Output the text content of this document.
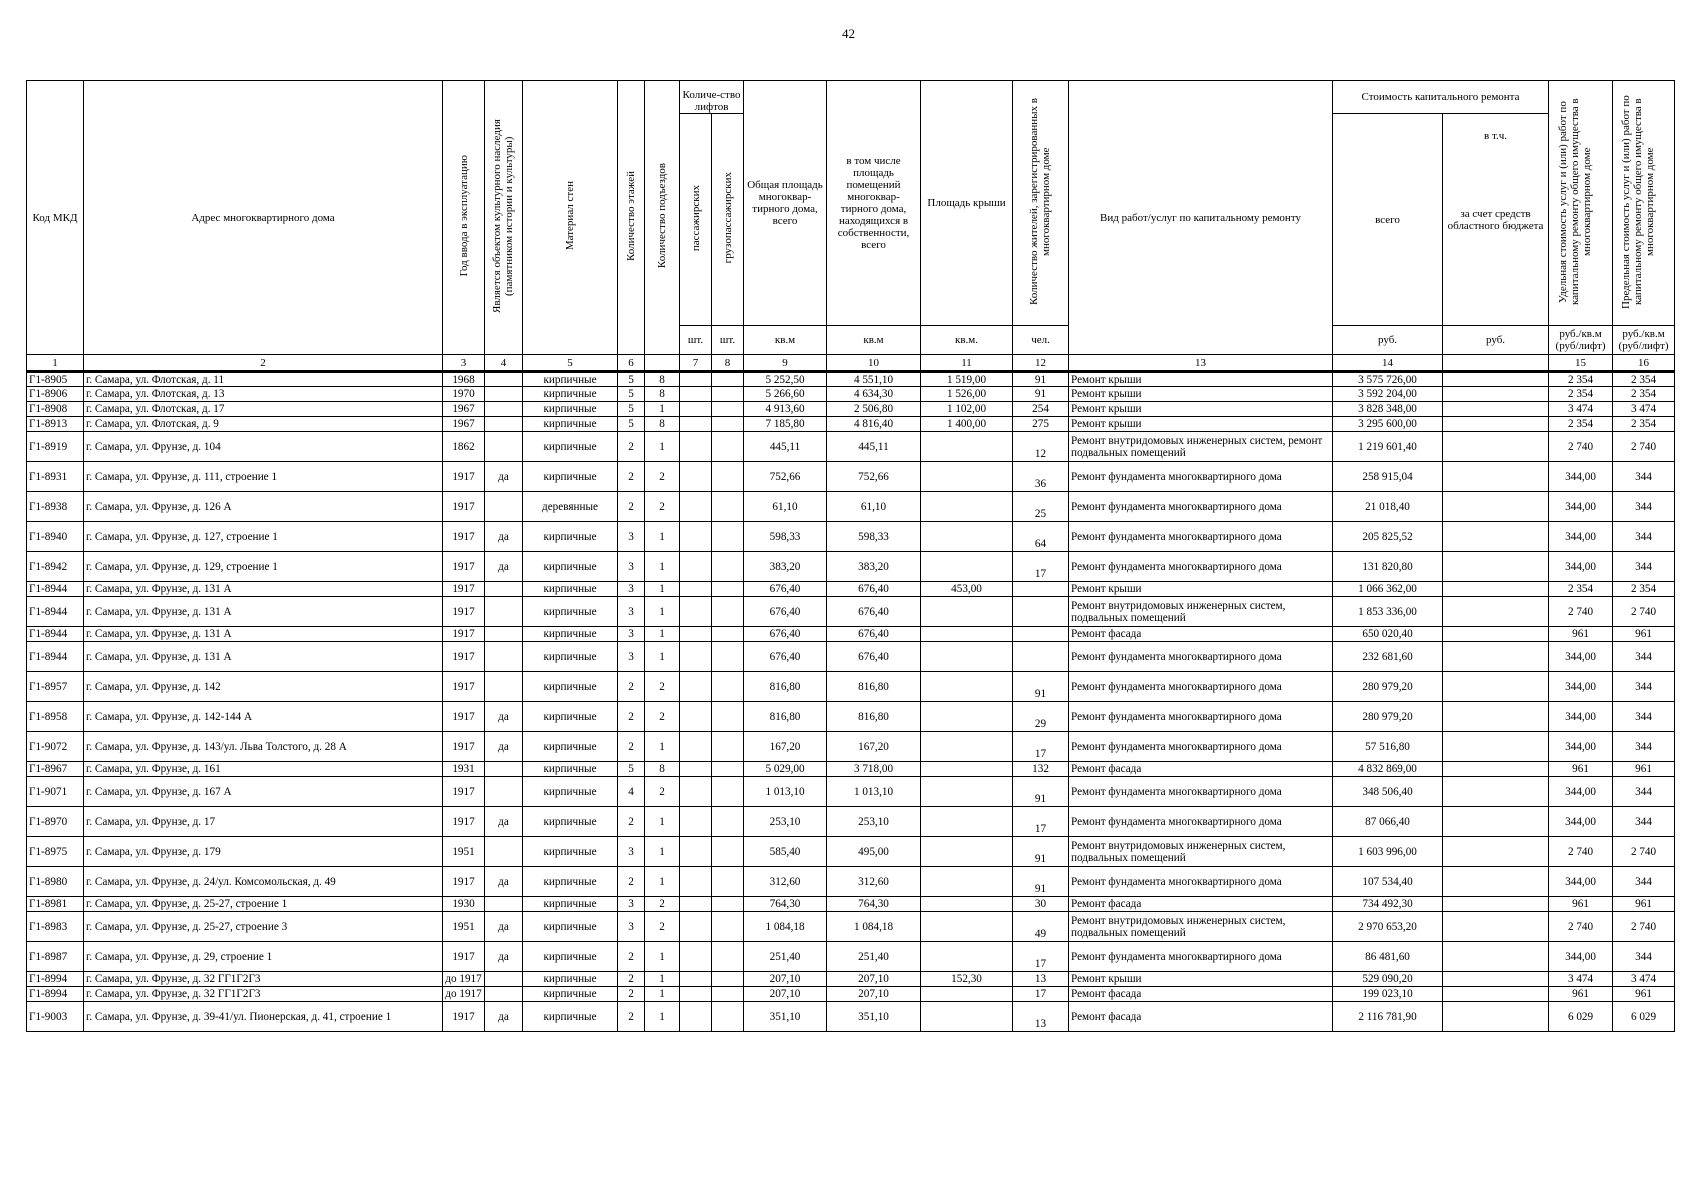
42
Код МКД	Адрес многоквартирного дома	Год ввода в эксплуатацию	Является объектом культурного наследия (памятником истории и культуры)	Материал стен	Количество этажей	Количество подъездов	Количе-ство лифтов		Общая площадь многоквар-тирного дома, всего	в том числе площадь помещений многоквар-тирного дома, находящихся в собственности, всего	Площадь крыши	Количество жителей, зарегистрированных в многоквартирном доме	Вид работ/услуг по капитальному ремонту	Стоимость капитального ремонта		Удельная стоимость услуг и (или) работ по капитальному ремонту общего имущества в многоквартирном доме	Предельная стоимость услуг и (или) работ по капитальному ремонту общего имущества в многоквартирном доме
							пассажирских	грузопассажирских						всего	в т.ч.
за счет средств областного бюджета		

							шт.	шт.	кв.м	кв.м	кв.м.	чел.		руб.	руб.	руб./кв.м (руб/лифт)	руб./кв.м (руб/лифт)
1	2	3	4	5	6		7	8	9	10	11	12	13	14		15	16
Г1-8905	г. Самара, ул. Флотская, д. 11	1968		кирпичные	5	8			5 252,50	4 551,10	1 519,00	91	Ремонт крыши	3 575 726,00		2 354	2 354
Г1-8906	г. Самара, ул. Флотская, д. 13	1970		кирпичные	5	8			5 266,60	4 634,30	1 526,00	91	Ремонт крыши	3 592 204,00		2 354	2 354
Г1-8908	г. Самара, ул. Флотская, д. 17	1967		кирпичные	5	1			4 913,60	2 506,80	1 102,00	254	Ремонт крыши	3 828 348,00		3 474	3 474
Г1-8913	г. Самара, ул. Флотская, д. 9	1967		кирпичные	5	8			7 185,80	4 816,40	1 400,00	275	Ремонт крыши	3 295 600,00		2 354	2 354
Г1-8919	г. Самара, ул. Фрунзе, д. 104	1862		кирпичные	2	1			445,11	445,11		12	Ремонт внутридомовых инженерных систем, ремонт подвальных помещений	1 219 601,40		2 740	2 740
Г1-8931	г. Самара, ул. Фрунзе, д. 111, строение 1	1917	да	кирпичные	2	2			752,66	752,66		36	Ремонт фундамента многоквартирного дома	258 915,04		344,00	344
Г1-8938	г. Самара, ул. Фрунзе, д. 126 А	1917		деревянные	2	2			61,10	61,10		25	Ремонт фундамента многоквартирного дома	21 018,40		344,00	344
Г1-8940	г. Самара, ул. Фрунзе, д. 127, строение 1	1917	да	кирпичные	3	1			598,33	598,33		64	Ремонт фундамента многоквартирного дома	205 825,52		344,00	344
Г1-8942	г. Самара, ул. Фрунзе, д. 129, строение 1	1917	да	кирпичные	3	1			383,20	383,20		17	Ремонт фундамента многоквартирного дома	131 820,80		344,00	344
Г1-8944	г. Самара, ул. Фрунзе, д. 131 А	1917		кирпичные	3	1			676,40	676,40	453,00		Ремонт крыши	1 066 362,00		2 354	2 354
Г1-8944	г. Самара, ул. Фрунзе, д. 131 А	1917		кирпичные	3	1			676,40	676,40			Ремонт внутридомовых инженерных систем, подвальных помещений	1 853 336,00		2 740	2 740
Г1-8944	г. Самара, ул. Фрунзе, д. 131 А	1917		кирпичные	3	1			676,40	676,40			Ремонт фасада	650 020,40		961	961
Г1-8944	г. Самара, ул. Фрунзе, д. 131 А	1917		кирпичные	3	1			676,40	676,40			Ремонт фундамента многоквартирного дома	232 681,60		344,00	344
Г1-8957	г. Самара, ул. Фрунзе, д. 142	1917		кирпичные	2	2			816,80	816,80		91	Ремонт фундамента многоквартирного дома	280 979,20		344,00	344
Г1-8958	г. Самара, ул. Фрунзе, д. 142-144 А	1917	да	кирпичные	2	2			816,80	816,80		29	Ремонт фундамента многоквартирного дома	280 979,20		344,00	344
Г1-9072	г. Самара, ул. Фрунзе, д. 143/ул. Льва Толстого, д. 28 А	1917	да	кирпичные	2	1			167,20	167,20		17	Ремонт фундамента многоквартирного дома	57 516,80		344,00	344
Г1-8967	г. Самара, ул. Фрунзе, д. 161	1931		кирпичные	5	8			5 029,00	3 718,00		132	Ремонт фасада	4 832 869,00		961	961
Г1-9071	г. Самара, ул. Фрунзе, д. 167 А	1917		кирпичные	4	2			1 013,10	1 013,10		91	Ремонт фундамента многоквартирного дома	348 506,40		344,00	344
Г1-8970	г. Самара, ул. Фрунзе, д. 17	1917	да	кирпичные	2	1			253,10	253,10		17	Ремонт фундамента многоквартирного дома	87 066,40		344,00	344
Г1-8975	г. Самара, ул. Фрунзе, д. 179	1951		кирпичные	3	1			585,40	495,00		91	Ремонт внутридомовых инженерных систем, подвальных помещений	1 603 996,00		2 740	2 740
Г1-8980	г. Самара, ул. Фрунзе, д. 24/ул. Комсомольская, д. 49	1917	да	кирпичные	2	1			312,60	312,60		91	Ремонт фундамента многоквартирного дома	107 534,40		344,00	344
Г1-8981	г. Самара, ул. Фрунзе, д. 25-27, строение 1	1930		кирпичные	3	2			764,30	764,30		30	Ремонт фасада	734 492,30		961	961
Г1-8983	г. Самара, ул. Фрунзе, д. 25-27, строение 3	1951	да	кирпичные	3	2			1 084,18	1 084,18		49	Ремонт внутридомовых инженерных систем, подвальных помещений	2 970 653,20		2 740	2 740
Г1-8987	г. Самара, ул. Фрунзе, д. 29, строение 1	1917	да	кирпичные	2	1			251,40	251,40		17	Ремонт фундамента многоквартирного дома	86 481,60		344,00	344
Г1-8994	г. Самара, ул. Фрунзе, д. 32 ГГ1Г2Г3	до 1917		кирпичные	2	1			207,10	207,10	152,30	13	Ремонт крыши	529 090,20		3 474	3 474
Г1-8994	г. Самара, ул. Фрунзе, д. 32 ГГ1Г2Г3	до 1917		кирпичные	2	1			207,10	207,10		17	Ремонт фасада	199 023,10		961	961
Г1-9003	г. Самара, ул. Фрунзе, д. 39-41/ул. Пионерская, д. 41, строение 1	1917	да	кирпичные	2	1			351,10	351,10		13	Ремонт фасада	2 116 781,90		6 029	6 029
